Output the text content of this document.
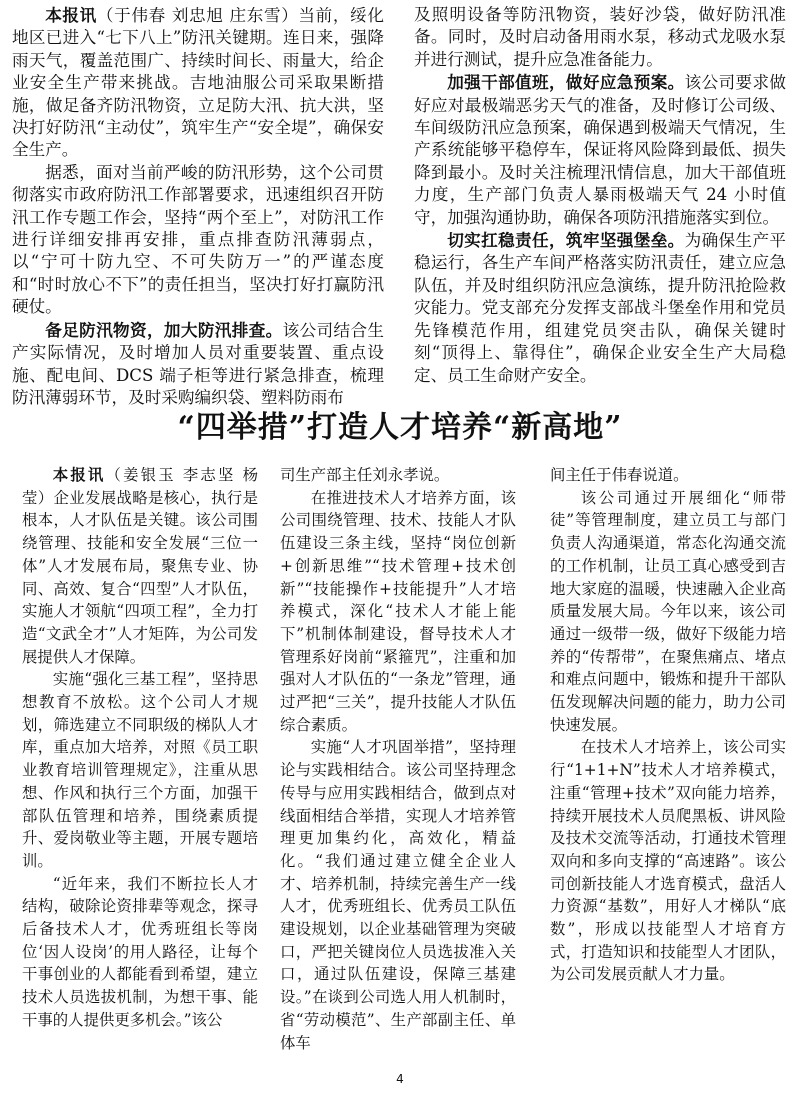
本报讯（于伟春 刘忠旭 庄东雪）当前，绥化地区已进入“七下八上”防汛关键期。连日来，强降雨天气，覆盖范围广、持续时间长、雨量大，给企业安全生产带来挑战。吉地油服公司采取果断措施，做足备齐防汛物资，立足防大汛、抗大洪，坚决打好防汛“主动仗”，筑牢生产“安全堤”，确保安全生产。

据悉，面对当前严峻的防汛形势，这个公司贯彻落实市政府防汛工作部署要求，迅速组织召开防汛工作专题工作会，坚持“两个至上”，对防汛工作进行详细安排再安排，重点排查防汛薄弱点，以“宁可十防九空、不可失防万一”的严谨态度和“时时放心不下”的责任担当，坚决打好打赢防汛硬仗。

备足防汛物资，加大防汛排查。该公司结合生产实际情况，及时增加人员对重要装置、重点设施、配电间、DCS 端子柜等进行紧急排查，梳理防汛薄弱环节，及时采购编织袋、塑料防雨布

及照明设备等防汛物资，装好沙袋，做好防汛准备。同时，及时启动备用雨水泵，移动式龙吸水泵并进行测试，提升应急准备能力。

加强干部值班，做好应急预案。该公司要求做好应对最极端恶劣天气的准备，及时修订公司级、车间级防汛应急预案，确保遇到极端天气情况，生产系统能够平稳停车，保证将风险降到最低、损失降到最小。及时关注梳理汛情信息，加大干部值班力度，生产部门负责人暴雨极端天气 24 小时值守，加强沟通协助，确保各项防汛措施落实到位。

切实扛稳责任，筑牢坚强堡垒。为确保生产平稳运行，各生产车间严格落实防汛责任，建立应急队伍，并及时组织防汛应急演练，提升防汛抢险救灾能力。党支部充分发挥支部战斗堡垒作用和党员先锋模范作用，组建党员突击队，确保关键时刻“顶得上、靠得住”，确保企业安全生产大局稳定、员工生命财产安全。

“四举措”打造人才培养“新高地”

本报讯（姜银玉 李志坚 杨 莹）企业发展战略是核心，执行是根本，人才队伍是关键。该公司围绕管理、技能和安全发展“三位一体”人才发展布局，聚焦专业、协同、高效、复合“四型”人才队伍，实施人才领航“四项工程”，全力打造“文武全才”人才矩阵，为公司发展提供人才保障。

实施“强化三基工程”，坚持思想教育不放松。这个公司人才规划，筛选建立不同职级的梯队人才库，重点加大培养，对照《员工职业教育培训管理规定》，注重从思想、作风和执行三个方面，加强干部队伍管理和培养，围绕素质提升、爱岗敬业等主题，开展专题培训。

“近年来，我们不断拉长人才结构，破除论资排辈等观念，探寻后备技术人才，优秀班组长等岗位‘因人设岗’的用人路径，让每个干事创业的人都能看到希望，建立技术人员选拔机制，为想干事、能干事的人提供更多机会。”该公

司生产部主任刘永孝说。

在推进技术人才培养方面，该公司围绕管理、技术、技能人才队伍建设三条主线，坚持“岗位创新+创新思维”“技术管理+技术创新”“技能操作+技能提升”人才培养模式，深化“技术人才能上能下”机制体制建设，督导技术人才管理系好岗前“紧箍咒”，注重和加强对人才队伍的“一条龙”管理，通过严把“三关”，提升技能人才队伍综合素质。

实施“人才巩固举措”，坚持理论与实践相结合。该公司坚持理念传导与应用实践相结合，做到点对线面相结合举措，实现人才培养管理更加集约化，高效化，精益化。“我们通过建立健全企业人才、培养机制，持续完善生产一线人才，优秀班组长、优秀员工队伍建设规划，以企业基础管理为突破口，严把关键岗位人员选拔准入关口，通过队伍建设，保障三基建设。”在谈到公司选人用人机制时，省“劳动模范”、生产部副主任、单体车

间主任于伟春说道。

该公司通过开展细化“师带徒”等管理制度，建立员工与部门负责人沟通渠道，常态化沟通交流的工作机制，让员工真心感受到吉地大家庭的温暖，快速融入企业高质量发展大局。今年以来，该公司通过一级带一级，做好下级能力培养的“传帮带”，在聚焦痛点、堵点和难点问题中，锻炼和提升干部队伍发现解决问题的能力，助力公司快速发展。

在技术人才培养上，该公司实行“1+1+N”技术人才培养模式，注重“管理+技术”双向能力培养，持续开展技术人员爬黑板、讲风险及技术交流等活动，打通技术管理双向和多向支撑的“高速路”。该公司创新技能人才选育模式，盘活人力资源“基数”，用好人才梯队“底数”，形成以技能型人才培育方式，打造知识和技能型人才团队，为公司发展贡献人才力量。

4
